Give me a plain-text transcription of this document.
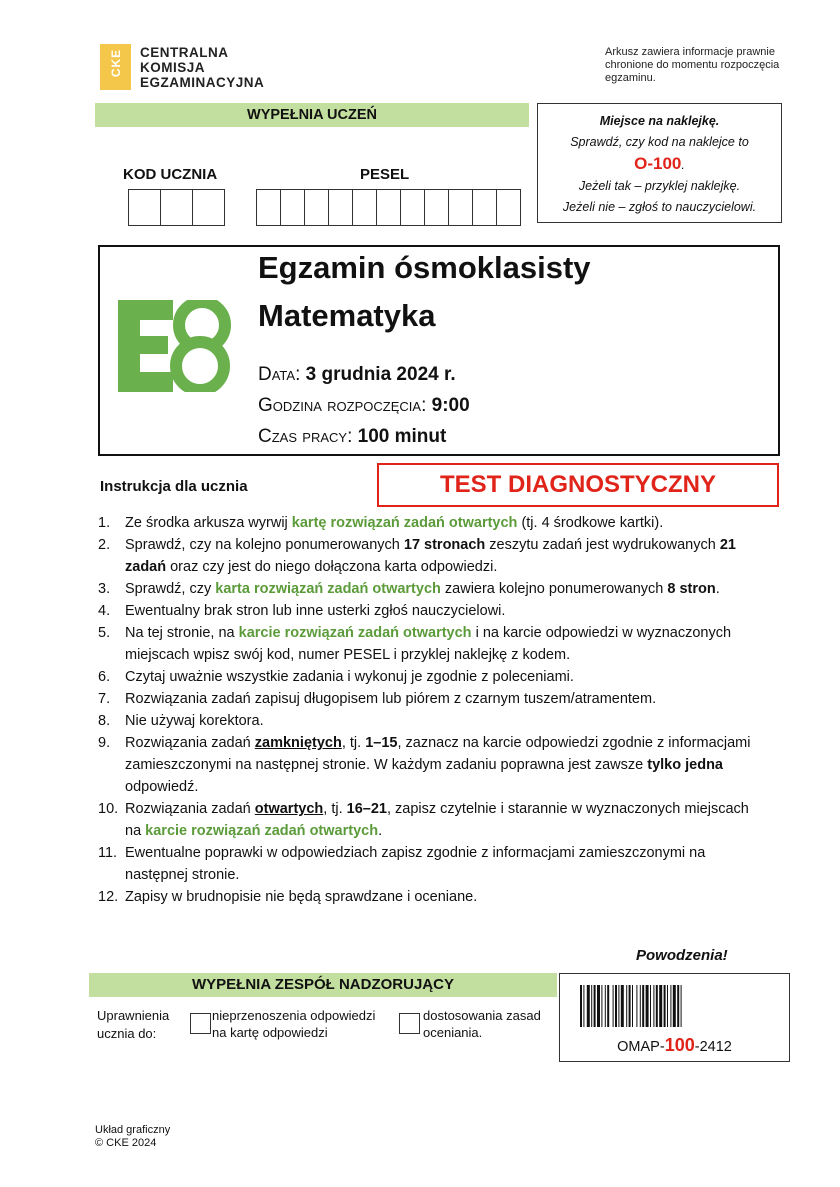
CKE CENTRALNA
KOMISJA
EGZAMINACYJNA
Arkusz zawiera informacje prawnie chronione do momentu rozpoczęcia egzaminu.
WYPEŁNIA UCZEŃ
KOD UCZNIA	PESEL
Miejsce na naklejkę.
Sprawdź, czy kod na naklejce to
O-100.
Jeżeli tak – przyklej naklejkę.
Jeżeli nie – zgłoś to nauczycielowi.
Egzamin ósmoklasisty
Matematyka
Data: 3 grudnia 2024 r.
Godzina rozpoczęcia: 9:00
Czas pracy: 100 minut
TEST DIAGNOSTYCZNY
Instrukcja dla ucznia
1. Ze środka arkusza wyrwij kartę rozwiązań zadań otwartych (tj. 4 środkowe kartki).
2. Sprawdź, czy na kolejno ponumerowanych 17 stronach zeszytu zadań jest wydrukowanych 21 zadań oraz czy jest do niego dołączona karta odpowiedzi.
3. Sprawdź, czy karta rozwiązań zadań otwartych zawiera kolejno ponumerowanych 8 stron.
4. Ewentualny brak stron lub inne usterki zgłoś nauczycielowi.
5. Na tej stronie, na karcie rozwiązań zadań otwartych i na karcie odpowiedzi w wyznaczonych miejscach wpisz swój kod, numer PESEL i przyklej naklejkę z kodem.
6. Czytaj uważnie wszystkie zadania i wykonuj je zgodnie z poleceniami.
7. Rozwiązania zadań zapisuj długopisem lub piórem z czarnym tuszem/atramentem.
8. Nie używaj korektora.
9. Rozwiązania zadań zamkniętych, tj. 1–15, zaznacz na karcie odpowiedzi zgodnie z informacjami zamieszczonymi na następnej stronie. W każdym zadaniu poprawna jest zawsze tylko jedna odpowiedź.
10. Rozwiązania zadań otwartych, tj. 16–21, zapisz czytelnie i starannie w wyznaczonych miejscach na karcie rozwiązań zadań otwartych.
11. Ewentualne poprawki w odpowiedziach zapisz zgodnie z informacjami zamieszczonymi na następnej stronie.
12. Zapisy w brudnopisie nie będą sprawdzane i oceniane.
Powodzenia!
WYPEŁNIA ZESPÓŁ NADZORUJĄCY
Uprawnienia
ucznia do:
nieprzenoszenia odpowiedzi
na kartę odpowiedzi
dostosowania zasad
oceniania.
OMAP-100-2412
Układ graficzny
© CKE 2024
